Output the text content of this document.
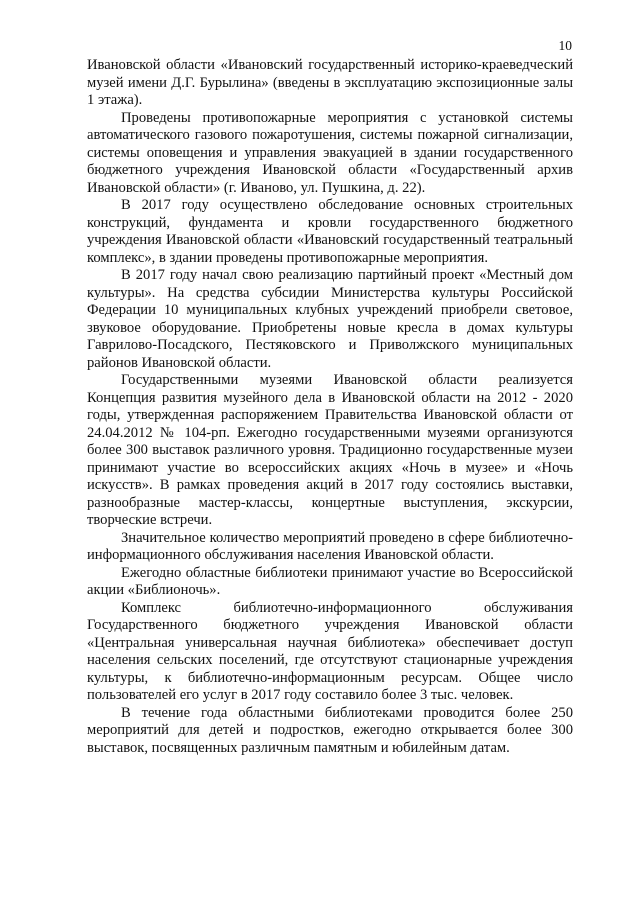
10

Ивановской области «Ивановский государственный историко-краеведческий музей имени Д.Г. Бурылина» (введены в эксплуатацию экспозиционные залы 1 этажа).

Проведены противопожарные мероприятия с установкой системы автоматического газового пожаротушения, системы пожарной сигнализации, системы оповещения и управления эвакуацией в здании государственного бюджетного учреждения Ивановской области «Государственный архив Ивановской области» (г. Иваново, ул. Пушкина, д. 22).

В 2017 году осуществлено обследование основных строительных конструкций, фундамента и кровли государственного бюджетного учреждения Ивановской области «Ивановский государственный театральный комплекс», в здании проведены противопожарные мероприятия.

В 2017 году начал свою реализацию партийный проект «Местный дом культуры». На средства субсидии Министерства культуры Российской Федерации 10 муниципальных клубных учреждений приобрели световое, звуковое оборудование. Приобретены новые кресла в домах культуры Гаврилово-Посадского, Пестяковского и Приволжского муниципальных районов Ивановской области.

Государственными музеями Ивановской области реализуется Концепция развития музейного дела в Ивановской области на 2012 - 2020 годы, утвержденная распоряжением Правительства Ивановской области от 24.04.2012 № 104-рп. Ежегодно государственными музеями организуются более 300 выставок различного уровня. Традиционно государственные музеи принимают участие во всероссийских акциях «Ночь в музее» и «Ночь искусств». В рамках проведения акций в 2017 году состоялись выставки, разнообразные мастер-классы, концертные выступления, экскурсии, творческие встречи.

Значительное количество мероприятий проведено в сфере библиотечно-информационного обслуживания населения Ивановской области.

Ежегодно областные библиотеки принимают участие во Всероссийской акции «Библионочь».

Комплекс библиотечно-информационного обслуживания Государственного бюджетного учреждения Ивановской области «Центральная универсальная научная библиотека» обеспечивает доступ населения сельских поселений, где отсутствуют стационарные учреждения культуры, к библиотечно-информационным ресурсам. Общее число пользователей его услуг в 2017 году составило более 3 тыс. человек.

В течение года областными библиотеками проводится более 250 мероприятий для детей и подростков, ежегодно открывается более 300 выставок, посвященных различным памятным и юбилейным датам.
